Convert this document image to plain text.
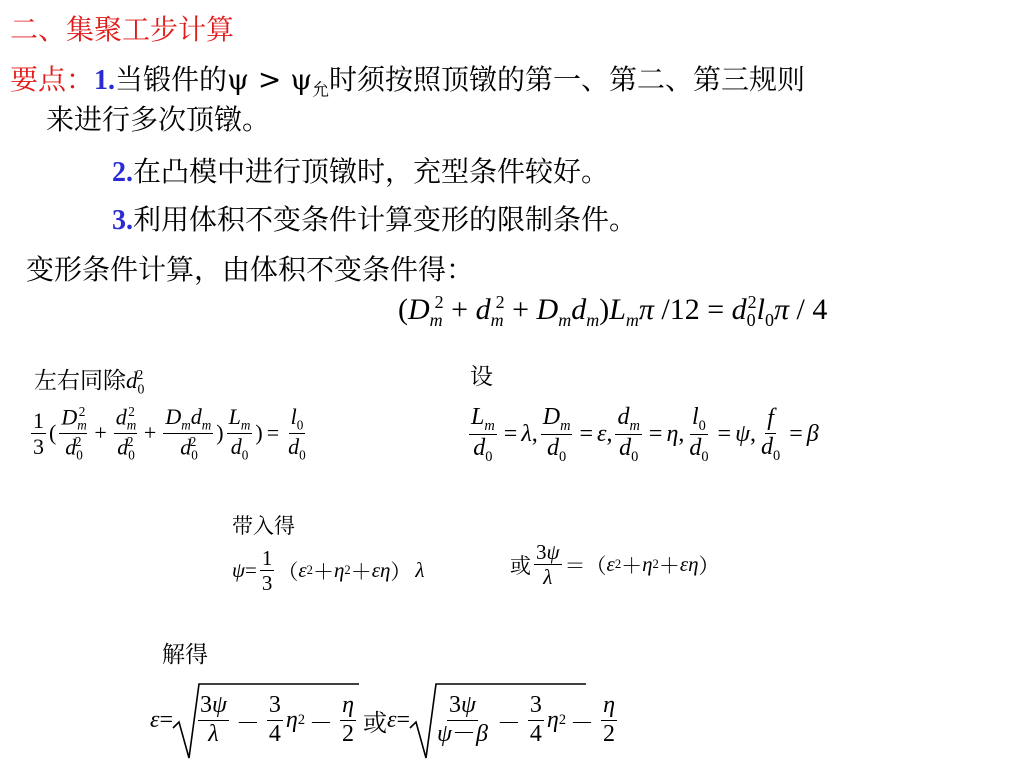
二、集聚工步计算
要点：1.当锻件的$\psi > \psi_允$时须按照顶镦的第一、第二、第三规则
来进行多次顶镦。
2.在凸模中进行顶镦时，充型条件较好。
3.利用体积不变条件计算变形的限制条件。
变形条件计算，由体积不变条件得：
$(D_m^2 + d_m^2 + D_md_m)L_m\pi$ $/12 = d_0^2l_0\pi / 4$
左右同除$d_0^2$	设
$\frac{1}{3}$ ( $\frac{D_m^2}{d_0^2} + \frac{d_m^2}{d_0^2} + \frac{D_md_m}{d_0^2}$ ) $\frac{L_m}{d_0}$ ) = $\frac{l_0}{d_0}$	$\frac{L_m}{d_0} = \lambda$ , $\frac{D_m}{d_0} = \varepsilon$ , $\frac{d_m}{d_0} = \eta$ , $\frac{l_0}{d_0} = \psi$ , $\frac{f}{d_0} = \beta$
带入得
$\psi = \frac{1}{3}$ （ ε 2 ＋ η 2 ＋ εη ） λ	或 $\frac{3\psi}{\lambda}$ ＝（ ε 2 ＋ η 2 ＋ εη ）
解得
$\varepsilon = \frac{3\psi}{\lambda} - \frac{3}{4}$ η $2 - \frac{\eta}{2}$ 或 $\varepsilon = \frac{3\psi}{\psi-\beta} - \frac{3}{4}$ η $2 - \frac{\eta}{2}$
